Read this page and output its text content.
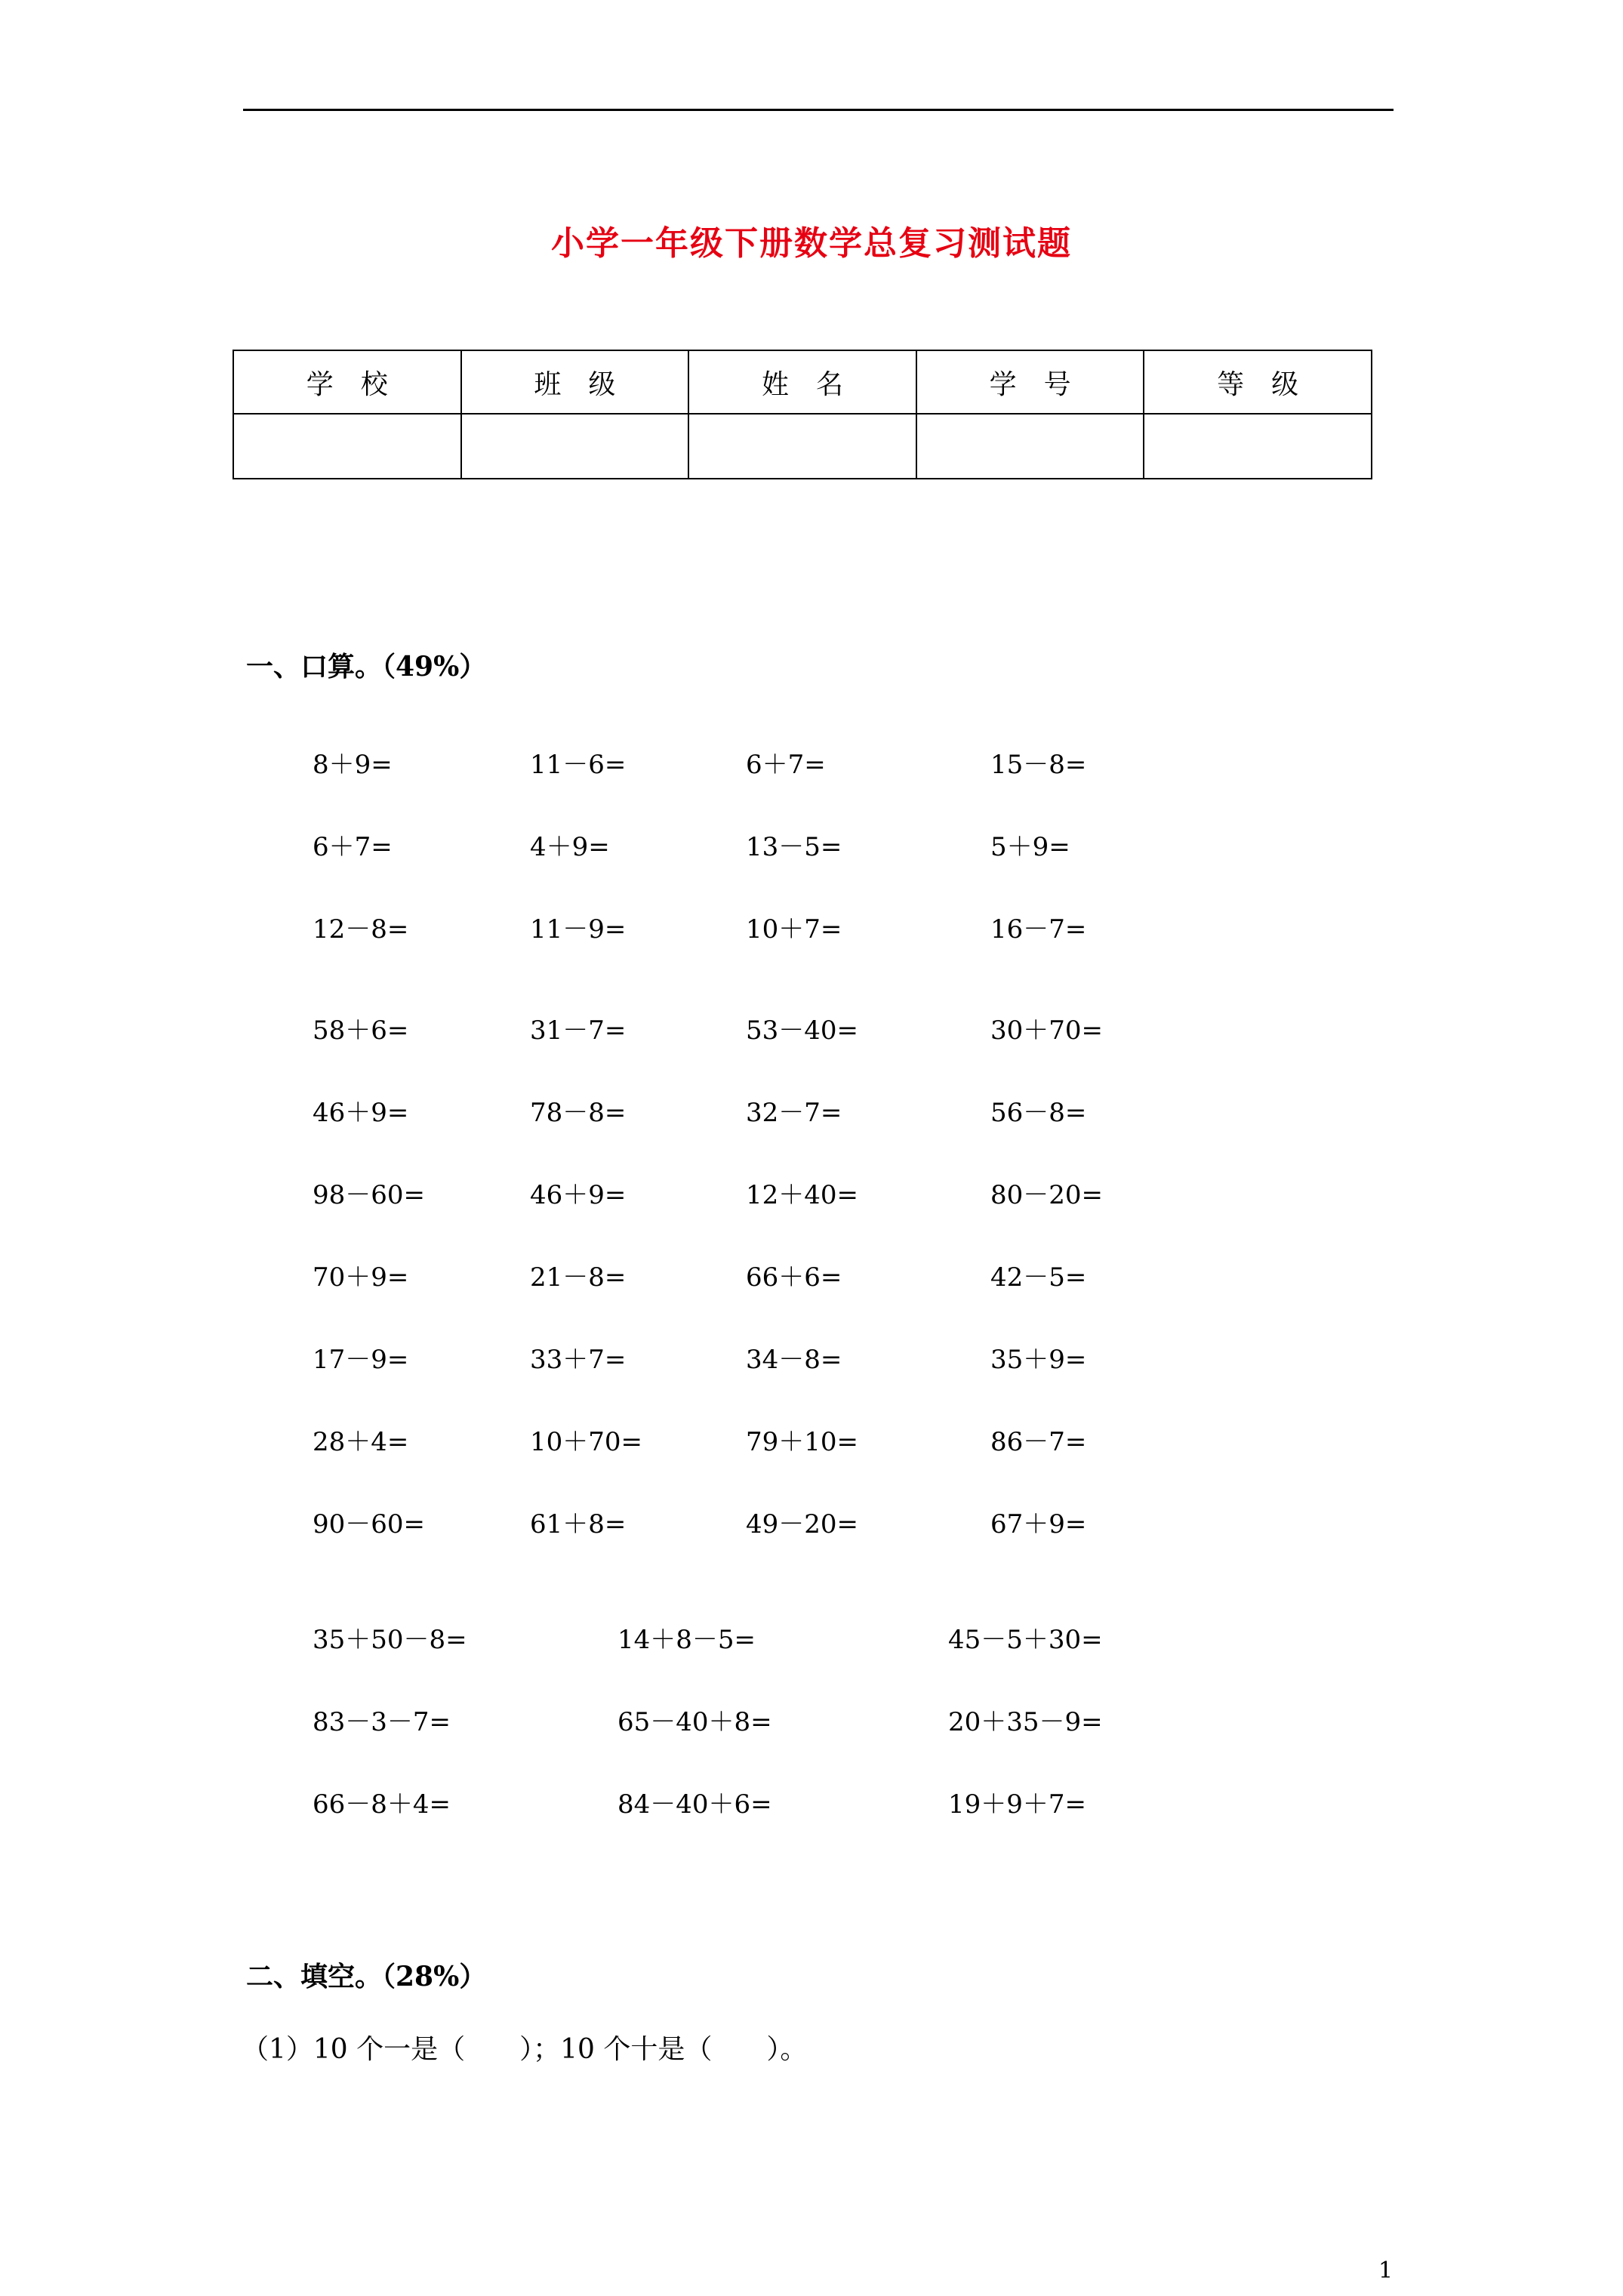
小学一年级下册数学总复习测试题
学　校	班　级	姓　名	学　号	等　级

一、口算。（49%）
8＋9=	11－6=	6＋7=	15－8=
6＋7=	4＋9=	13－5=	5＋9=
12－8=	11－9=	10＋7=	16－7=
58＋6=	31－7=	53－40=	30＋70=
46＋9=	78－8=	32－7=	56－8=
98－60=	46＋9=	12＋40=	80－20=
70＋9=	21－8=	66＋6=	42－5=
17－9=	33＋7=	34－8=	35＋9=
28＋4=	10＋70=	79＋10=	86－7=
90－60=	61＋8=	49－20=	67＋9=
35＋50－8=	14＋8－5=	45－5＋30=
83－3－7=	65－40＋8=	20＋35－9=
66－8＋4=	84－40＋6=	19＋9＋7=
二、填空。（28%）
（1）10 个一是（　　）；10 个十是（　　）。
1
